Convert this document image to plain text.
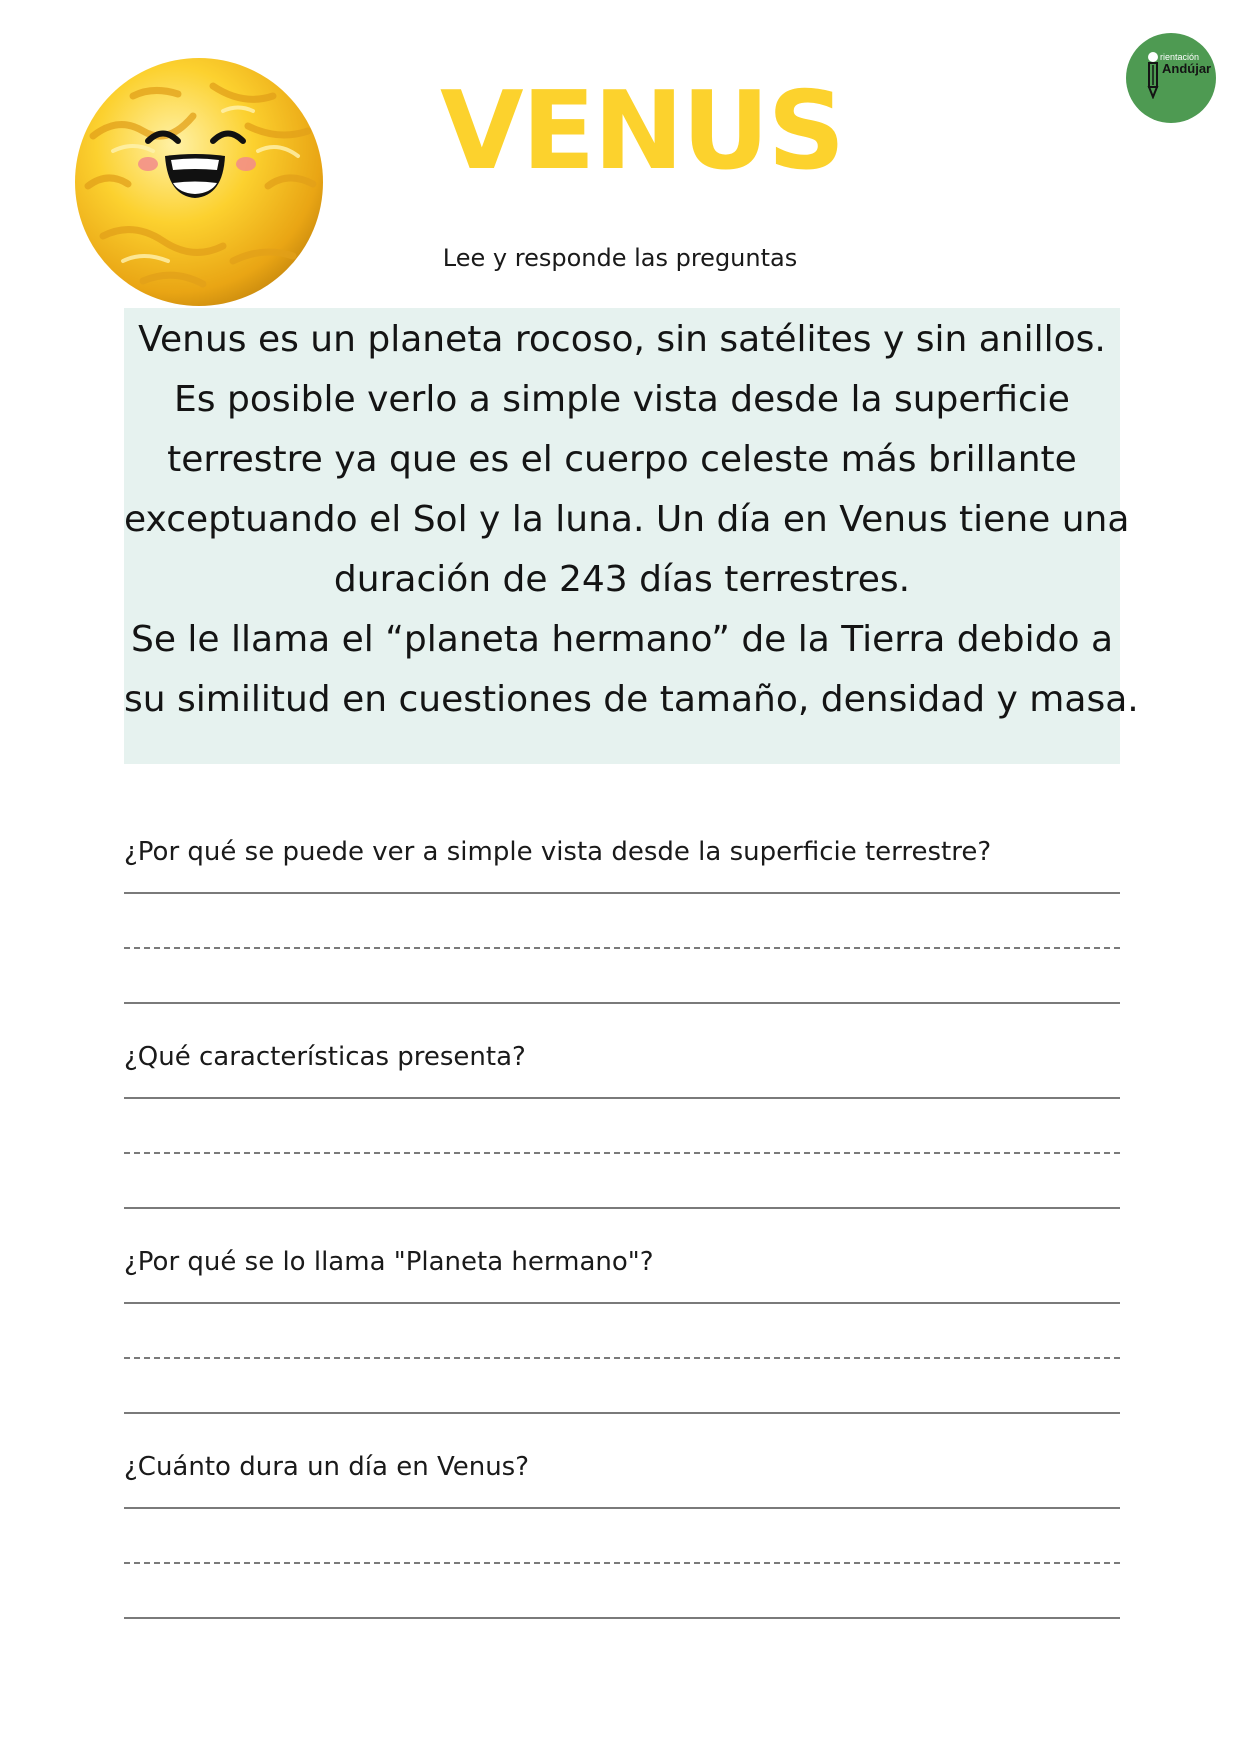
rientación
Andújar
VENUS
Lee y responde las preguntas
Venus es un planeta rocoso, sin satélites y sin anillos.
Es posible verlo a simple vista desde la superficie
terrestre ya que es el cuerpo celeste más brillante
exceptuando el Sol y la luna. Un día en Venus tiene una
duración de 243 días terrestres.
Se le llama el “planeta hermano” de la Tierra debido a
su similitud en cuestiones de tamaño, densidad y masa.
¿Por qué se puede ver a simple vista desde la superficie terrestre?
¿Qué características presenta?
¿Por qué se lo llama "Planeta hermano"?
¿Cuánto dura un día en Venus?
